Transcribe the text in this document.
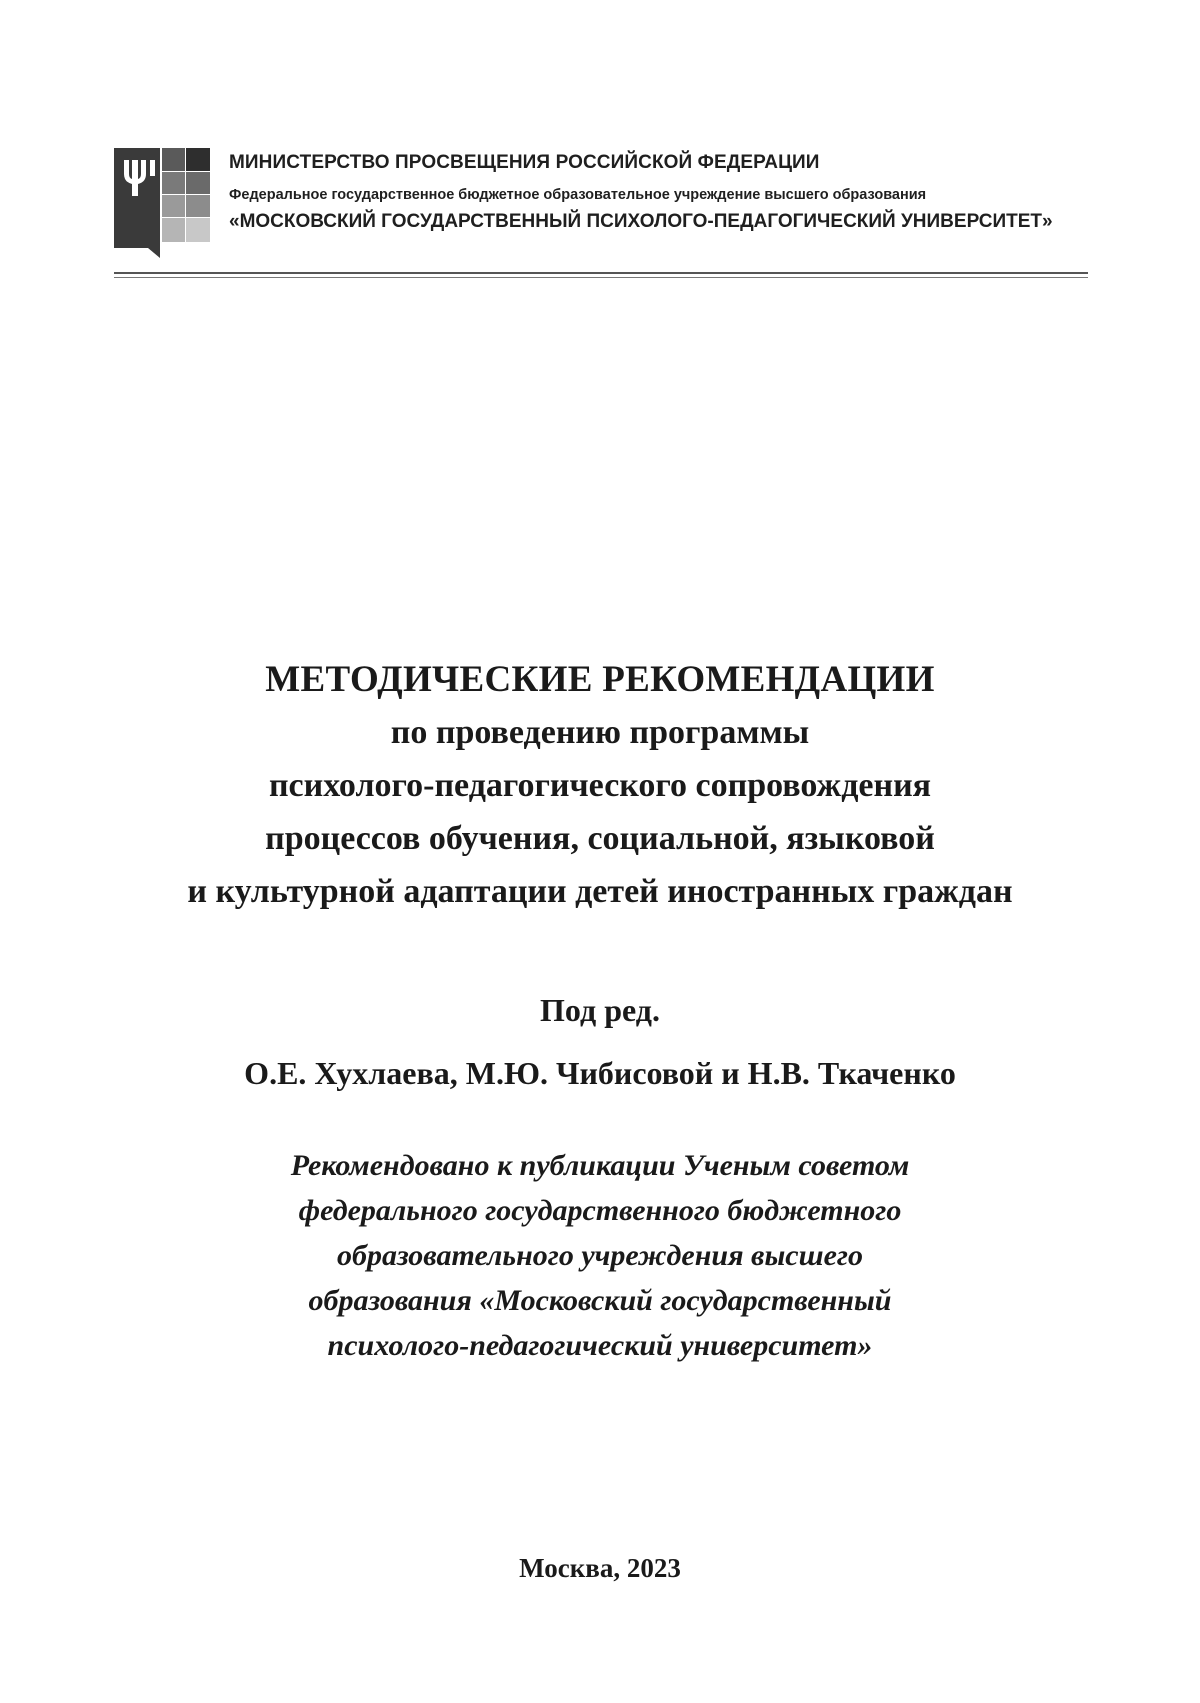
МИНИСТЕРСТВО ПРОСВЕЩЕНИЯ РОССИЙСКОЙ ФЕДЕРАЦИИ
Федеральное государственное бюджетное образовательное учреждение высшего образования
«МОСКОВСКИЙ ГОСУДАРСТВЕННЫЙ ПСИХОЛОГО-ПЕДАГОГИЧЕСКИЙ УНИВЕРСИТЕТ»
МЕТОДИЧЕСКИЕ РЕКОМЕНДАЦИИ
по проведению программы
психолого-педагогического сопровождения
процессов обучения, социальной, языковой
и культурной адаптации детей иностранных граждан
Под ред.
О.Е. Хухлаева, М.Ю. Чибисовой и Н.В. Ткаченко
Рекомендовано к публикации Ученым советом
федерального государственного бюджетного
образовательного учреждения высшего
образования «Московский государственный
психолого-педагогический университет»
Москва, 2023
